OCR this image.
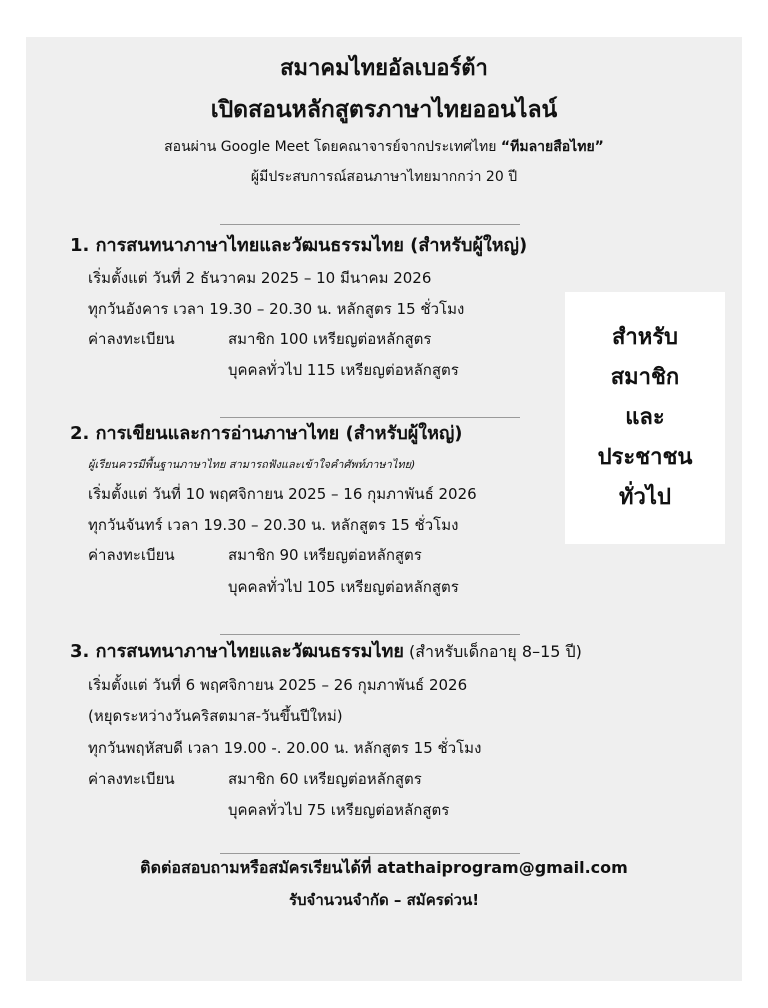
สมาคมไทยอัลเบอร์ต้า
เปิดสอนหลักสูตรภาษาไทยออนไลน์
สอนผ่าน Google Meet โดยคณาจารย์จากประเทศไทย “ทีมลายสือไทย”
ผู้มีประสบการณ์สอนภาษาไทยมากกว่า 20 ปี
1. การสนทนาภาษาไทยและวัฒนธรรมไทย (สำหรับผู้ใหญ่)
เริ่มตั้งแต่ วันที่ 2 ธันวาคม 2025 – 10 มีนาคม 2026
ทุกวันอังคาร เวลา 19.30 – 20.30 น. หลักสูตร 15 ชั่วโมง
ค่าลงทะเบียน	สมาชิก 100 เหรียญต่อหลักสูตร
บุคคลทั่วไป 115 เหรียญต่อหลักสูตร
2. การเขียนและการอ่านภาษาไทย (สำหรับผู้ใหญ่)
ผู้เรียนควรมีพื้นฐานภาษาไทย สามารถฟังและเข้าใจคำศัพท์ภาษาไทย)
เริ่มตั้งแต่ วันที่ 10 พฤศจิกายน 2025 – 16 กุมภาพันธ์ 2026
ทุกวันจันทร์ เวลา 19.30 – 20.30 น. หลักสูตร 15 ชั่วโมง
ค่าลงทะเบียน	สมาชิก 90 เหรียญต่อหลักสูตร
บุคคลทั่วไป 105 เหรียญต่อหลักสูตร
3. การสนทนาภาษาไทยและวัฒนธรรมไทย (สำหรับเด็กอายุ 8–15 ปี)
เริ่มตั้งแต่ วันที่ 6 พฤศจิกายน 2025 – 26 กุมภาพันธ์ 2026
(หยุดระหว่างวันคริสตมาส-วันขึ้นปีใหม่)
ทุกวันพฤหัสบดี เวลา 19.00 -. 20.00 น. หลักสูตร 15 ชั่วโมง
ค่าลงทะเบียน	สมาชิก 60 เหรียญต่อหลักสูตร
บุคคลทั่วไป 75 เหรียญต่อหลักสูตร
สำหรับ
สมาชิก
และ
ประชาชน
ทั่วไป
ติดต่อสอบถามหรือสมัครเรียนได้ที่ atathaiprogram@gmail.com
รับจำนวนจำกัด – สมัครด่วน!
